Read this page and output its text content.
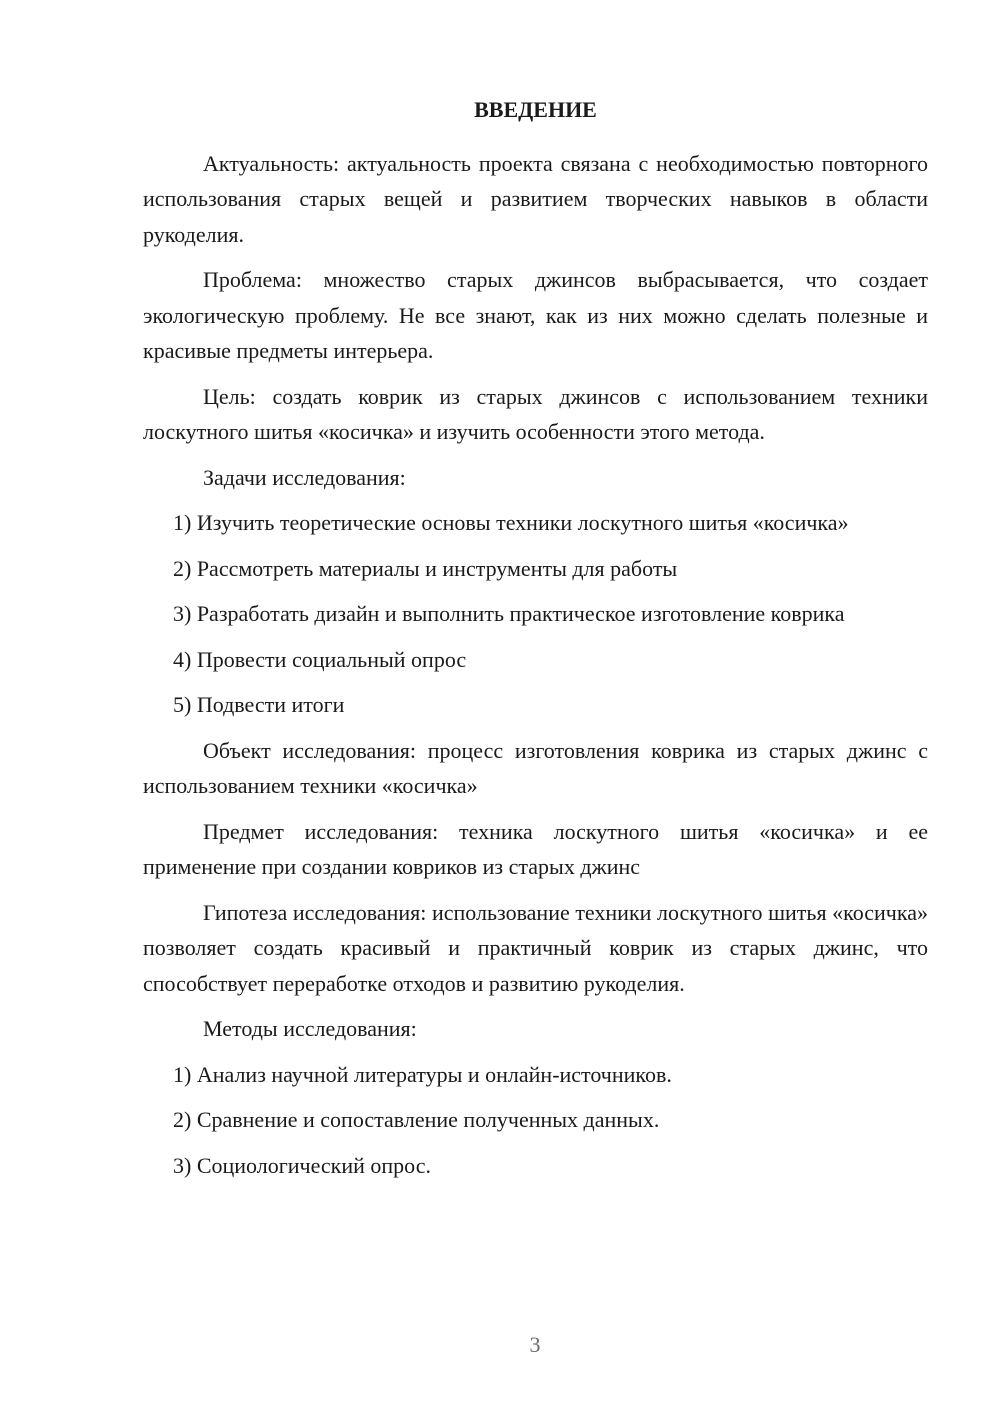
ВВЕДЕНИЕ

Актуальность: актуальность проекта связана с необходимостью повторного использования старых вещей и развитием творческих навыков в области рукоделия.

Проблема: множество старых джинсов выбрасывается, что создает экологическую проблему. Не все знают, как из них можно сделать полезные и красивые предметы интерьера.

Цель: создать коврик из старых джинсов с использованием техники лоскутного шитья «косичка» и изучить особенности этого метода.

Задачи исследования:

1) Изучить теоретические основы техники лоскутного шитья «косичка»

2) Рассмотреть материалы и инструменты для работы

3) Разработать дизайн и выполнить практическое изготовление коврика

4) Провести социальный опрос

5) Подвести итоги

Объект исследования: процесс изготовления коврика из старых джинс с использованием техники «косичка»

Предмет исследования: техника лоскутного шитья «косичка» и ее применение при создании ковриков из старых джинс

Гипотеза исследования: использование техники лоскутного шитья «косичка» позволяет создать красивый и практичный коврик из старых джинс, что способствует переработке отходов и развитию рукоделия.

Методы исследования:

1) Анализ научной литературы и онлайн-источников.

2) Сравнение и сопоставление полученных данных.

3) Социологический опрос.

3
